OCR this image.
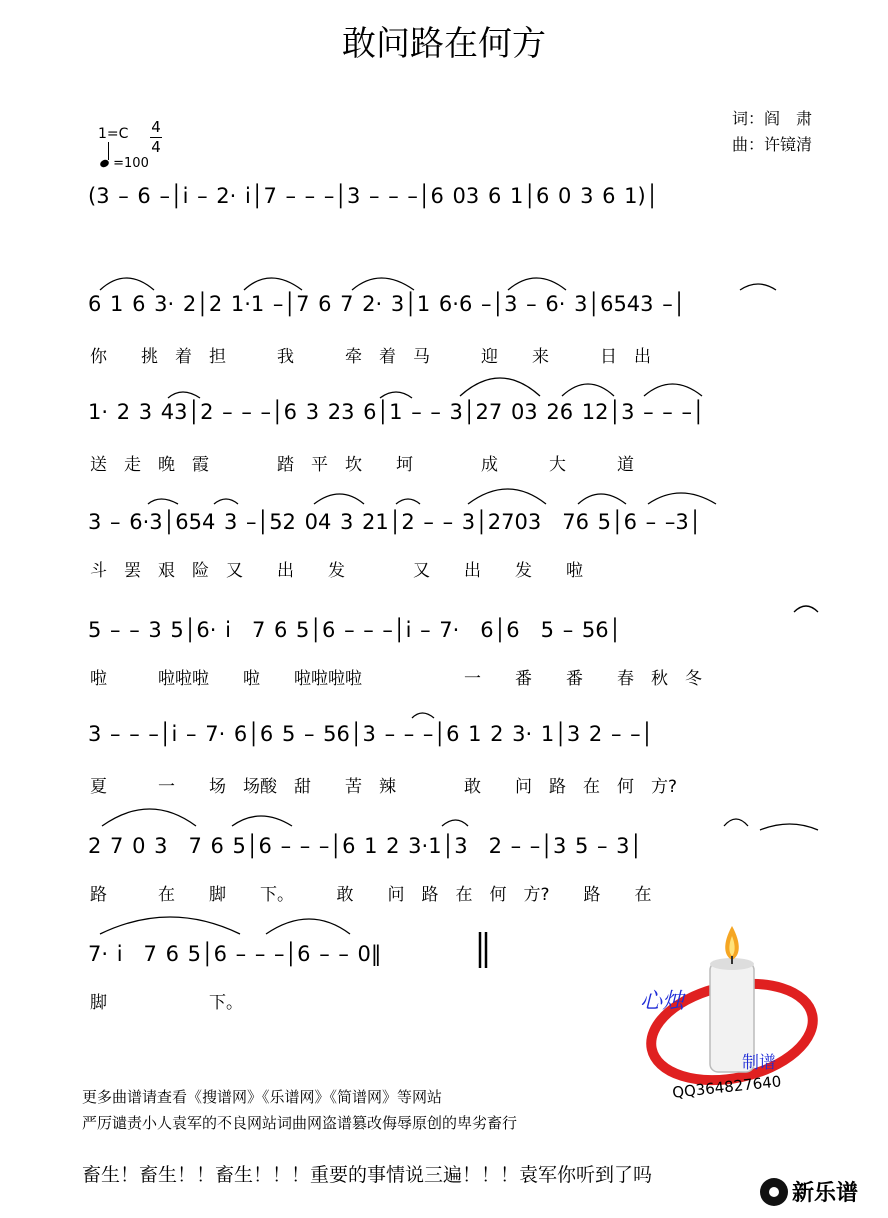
敢问路在何方
词：阎　肃
曲：许镜清
1=C 4
4
=100
(3 – 6 –│i – 2· i│7 – – –│3 – – –│6 03 6 1│6 0 3 6 1)│
6 1 6 3· 2│2 1·1 –│7 6 7 2· 3│1 6·6 –│3 – 6· 3│6543 –│
你　　挑　着　担　　　我　　　牵　着　马　　　迎　　来　　　日　出
1· 2 3 43│2 – – –│6 3 23 6│1 – – 3│27 03 26 12│3 – – –│
送　走　晚　霞　　　　踏　平　坎　　坷　　　　成　　　大　　　道
3 – 6·3│654 3 –│52 04 3 21│2 – – 3│2703　76 5│6 – –3│
斗　罢　艰　险　又　　出　　发　　　　又　　出　　发　　啦
5 – – 3 5│6· i　7 6 5│6 – – –│i – 7·　6│6　5 – 56│
啦　　　啦啦啦　　啦　　啦啦啦啦　　　　　　一　　番　　番　　春　秋　冬
3 – – –│i – 7· 6│6 5 – 56│3 – – –│6 1 2 3· 1│3 2 – –│
夏　　　一　　场　场酸　甜　　苦　辣　　　　敢　　问　路　在　何　方?
2 7 0 3　7 6 5│6 – – –│6 1 2 3·1│3　2 – –│3 5 – 3│
路　　　在　　脚　　下。　　　敢　　问　路　在　何　方?　　路　　在
7· i　7 6 5│6 – – –│6 – – 0‖
脚　　　　　　下。	心烛
制谱
QQ364827640
更多曲谱请查看《搜谱网》《乐谱网》《简谱网》等网站
严厉谴责小人袁军的不良网站词曲网盗谱篡改侮辱原创的卑劣畜行
畜生！畜生！！畜生！！！重要的事情说三遍！！！袁军你听到了吗
新乐谱
